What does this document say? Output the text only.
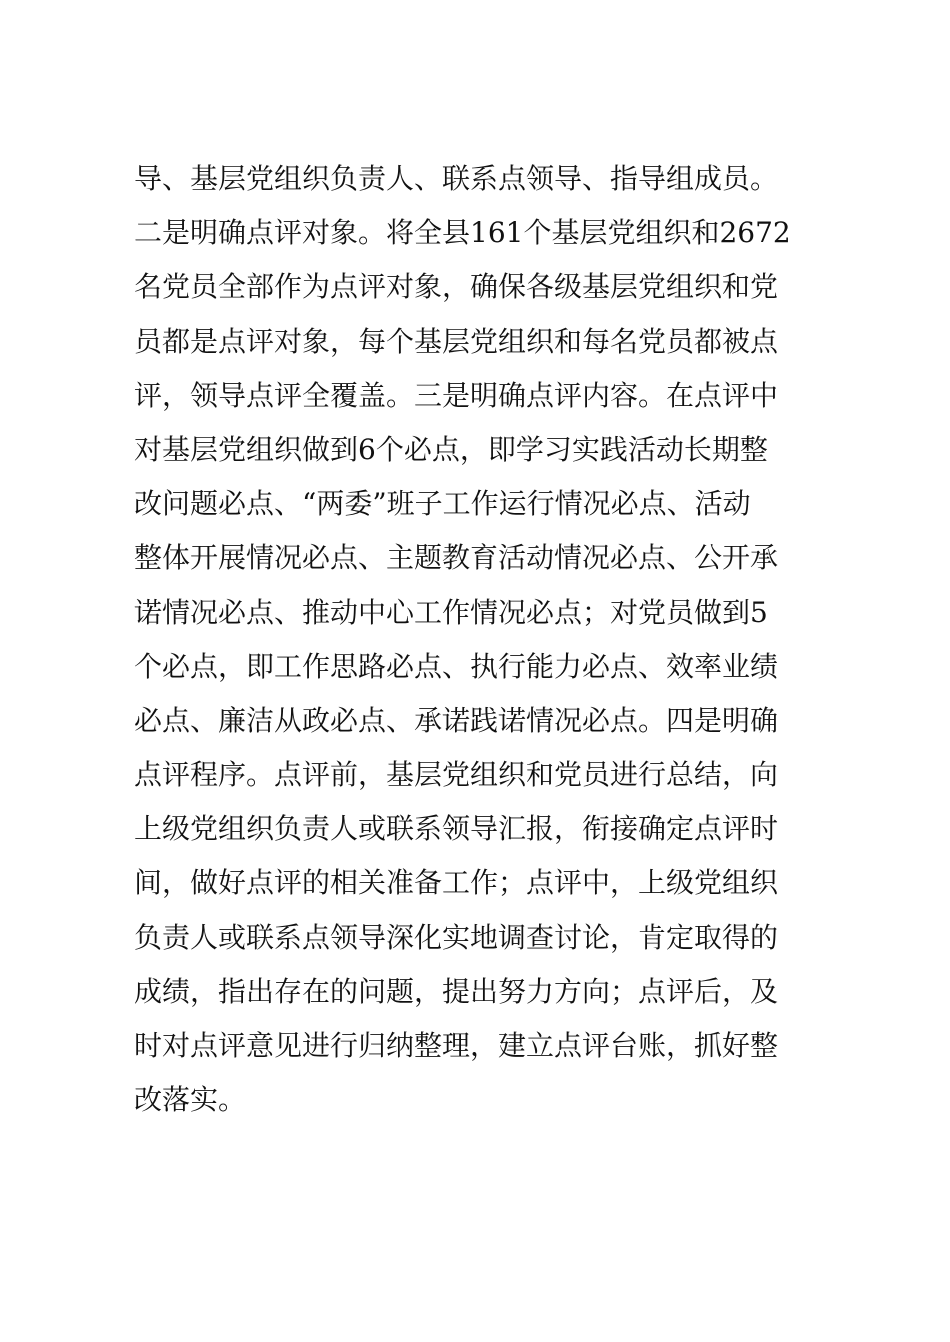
导、基层党组织负责人、联系点领导、指导组成员。
二是明确点评对象。将全县161个基层党组织和2672
名党员全部作为点评对象，确保各级基层党组织和党
员都是点评对象，每个基层党组织和每名党员都被点
评，领导点评全覆盖。三是明确点评内容。在点评中
对基层党组织做到6个必点，即学习实践活动长期整
改问题必点、“两委”班子工作运行情况必点、活动
整体开展情况必点、主题教育活动情况必点、公开承
诺情况必点、推动中心工作情况必点；对党员做到5
个必点，即工作思路必点、执行能力必点、效率业绩
必点、廉洁从政必点、承诺践诺情况必点。四是明确
点评程序。点评前，基层党组织和党员进行总结，向
上级党组织负责人或联系领导汇报，衔接确定点评时
间，做好点评的相关准备工作；点评中，上级党组织
负责人或联系点领导深化实地调查讨论，肯定取得的
成绩，指出存在的问题，提出努力方向；点评后，及
时对点评意见进行归纳整理，建立点评台账，抓好整
改落实。
